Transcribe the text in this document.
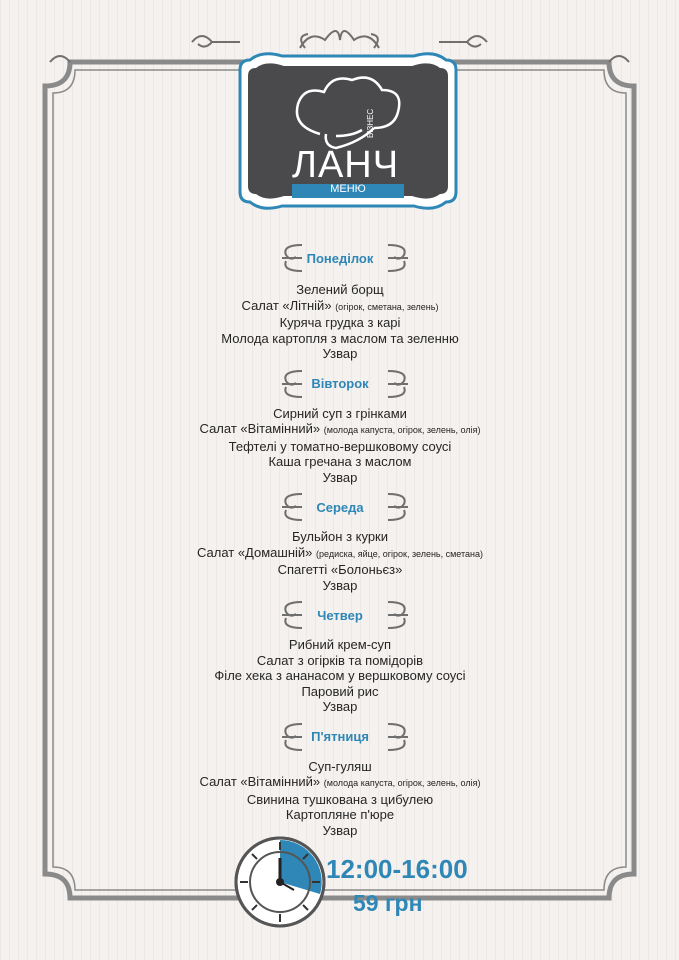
БІЗНЕС
ЛАНЧ
МЕНЮ
Понеділок
Зелений борщ
Салат «Літній» (огірок, сметана, зелень)
Куряча грудка з карі
Молода картопля з маслом та зеленню
Узвар
Вівторок
Сирний суп з грінками
Салат «Вітамінний» (молода капуста, огірок, зелень, олія)
Тефтелі у томатно-вершковому соусі
Каша гречана з маслом
Узвар
Середа
Бульйон з курки
Салат «Домашній» (редиска, яйце, огірок, зелень, сметана)
Спагетті «Болоньєз»
Узвар
Четвер
Рибний крем-суп
Салат з огірків та помідорів
Філе хека з ананасом у вершковому соусі
Паровий рис
Узвар
П'ятниця
Суп-гуляш
Салат «Вітамінний» (молода капуста, огірок, зелень, олія)
Свинина тушкована з цибулею
Картопляне п'юре
Узвар
12:00-16:00
59 грн
